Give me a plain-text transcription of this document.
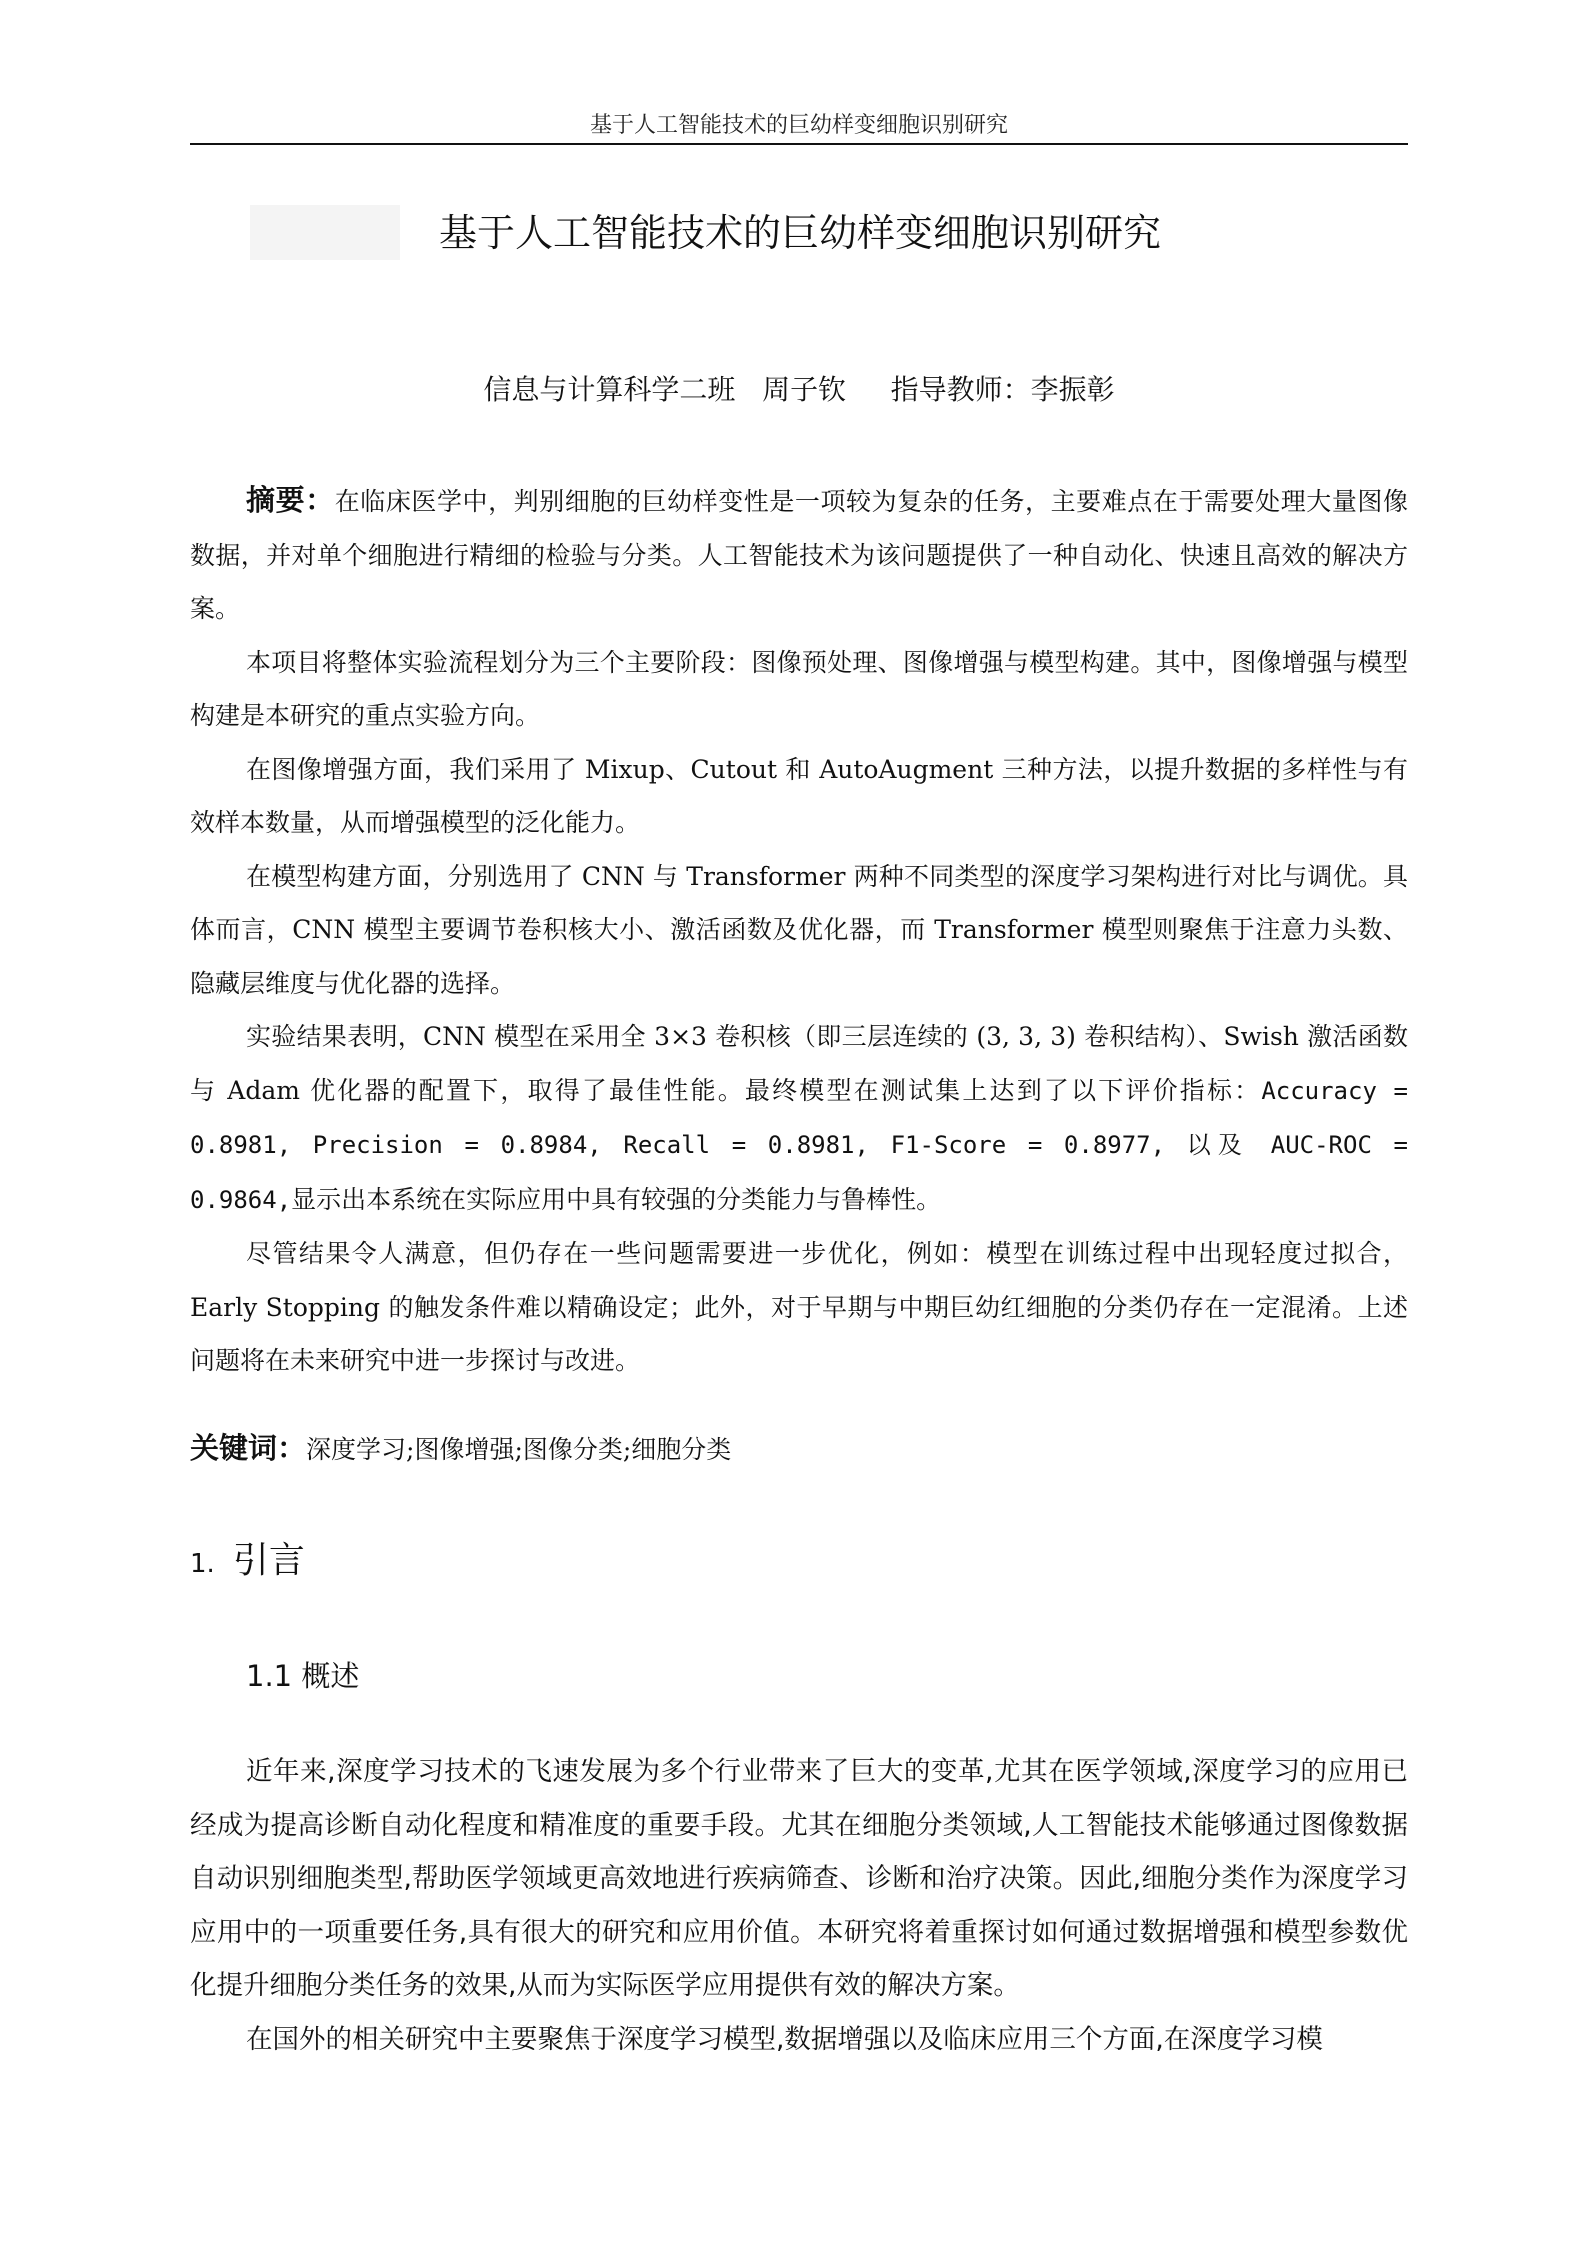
基于人工智能技术的巨幼样变细胞识别研究
基于人工智能技术的巨幼样变细胞识别研究
信息与计算科学二班   周子钦     指导教师：李振彰

摘要：在临床医学中，判别细胞的巨幼样变性是一项较为复杂的任务，主要难点在于需要处理大量图像数据，并对单个细胞进行精细的检验与分类。人工智能技术为该问题提供了一种自动化、快速且高效的解决方案。

本项目将整体实验流程划分为三个主要阶段：图像预处理、图像增强与模型构建。其中，图像增强与模型构建是本研究的重点实验方向。

在图像增强方面，我们采用了 Mixup、Cutout 和 AutoAugment 三种方法，以提升数据的多样性与有效样本数量，从而增强模型的泛化能力。

在模型构建方面，分别选用了 CNN 与 Transformer 两种不同类型的深度学习架构进行对比与调优。具体而言，CNN 模型主要调节卷积核大小、激活函数及优化器，而 Transformer 模型则聚焦于注意力头数、隐藏层维度与优化器的选择。

实验结果表明，CNN 模型在采用全 3×3 卷积核（即三层连续的 (3, 3, 3) 卷积结构）、Swish 激活函数与 Adam 优化器的配置下，取得了最佳性能。最终模型在测试集上达到了以下评价指标：Accuracy = 0.8981, Precision = 0.8984, Recall = 0.8981, F1-Score = 0.8977, 以及 AUC-ROC = 0.9864,显示出本系统在实际应用中具有较强的分类能力与鲁棒性。

尽管结果令人满意，但仍存在一些问题需要进一步优化，例如：模型在训练过程中出现轻度过拟合，Early Stopping 的触发条件难以精确设定；此外，对于早期与中期巨幼红细胞的分类仍存在一定混淆。上述问题将在未来研究中进一步探讨与改进。

关键词：深度学习;图像增强;图像分类;细胞分类
1. 引言
1.1 概述

近年来,深度学习技术的飞速发展为多个行业带来了巨大的变革,尤其在医学领域,深度学习的应用已经成为提高诊断自动化程度和精准度的重要手段。尤其在细胞分类领域,人工智能技术能够通过图像数据自动识别细胞类型,帮助医学领域更高效地进行疾病筛查、诊断和治疗决策。因此,细胞分类作为深度学习应用中的一项重要任务,具有很大的研究和应用价值。本研究将着重探讨如何通过数据增强和模型参数优化提升细胞分类任务的效果,从而为实际医学应用提供有效的解决方案。

在国外的相关研究中主要聚焦于深度学习模型,数据增强以及临床应用三个方面,在深度学习模
